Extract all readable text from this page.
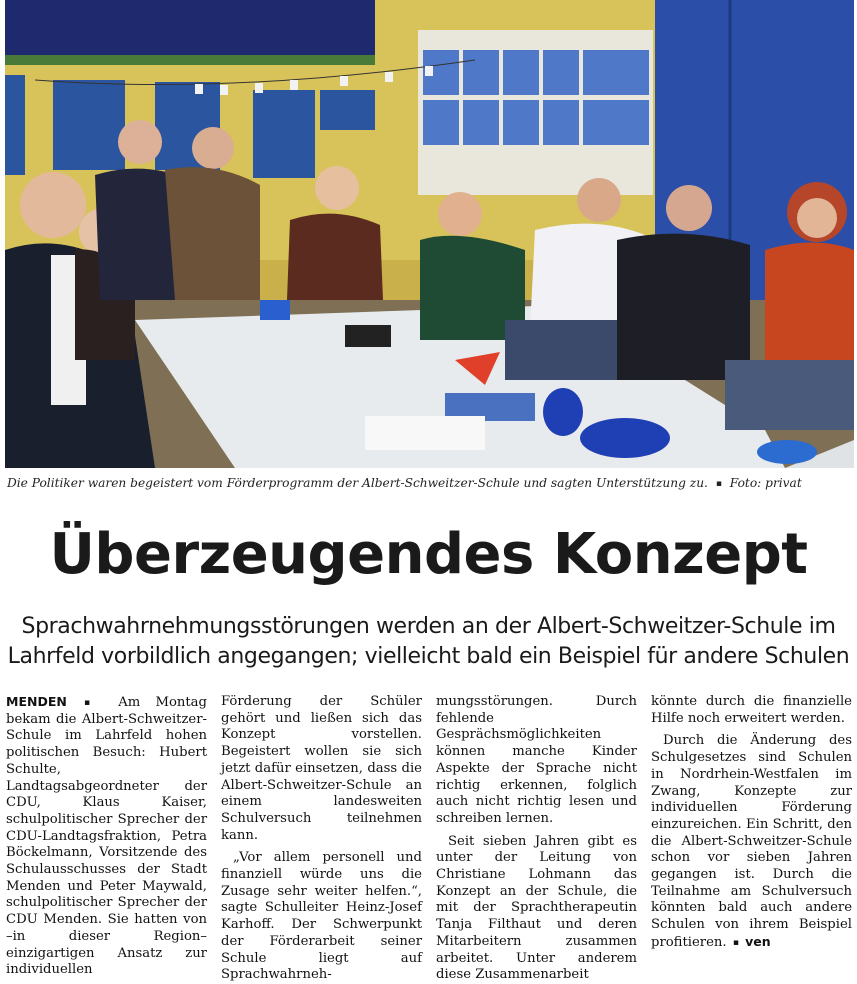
Die Politiker waren begeistert vom Förderprogramm der Albert-Schweitzer-Schule und sagten Unterstützung zu. ▪ Foto: privat
Überzeugendes Konzept
Sprachwahrnehmungsstörungen werden an der Albert-Schweitzer-Schule im
Lahrfeld vorbildlich angegangen; vielleicht bald ein Beispiel für andere Schulen

MENDEN ▪ Am Montag bekam die Albert-Schweitzer-Schule im Lahrfeld hohen politischen Besuch: Hubert Schulte, Landtagsabgeordneter der CDU, Klaus Kaiser, schulpolitischer Sprecher der CDU-Landtagsfraktion, Petra Böckelmann, Vorsitzende des Schulausschusses der Stadt Menden und Peter Maywald, schulpolitischer Sprecher der CDU Menden. Sie hatten von –in dieser Region– einzigartigen Ansatz zur individuellen

Förderung der Schüler gehört und ließen sich das Konzept vorstellen. Begeistert wollen sie sich jetzt dafür einsetzen, dass die Albert-Schweitzer-Schule an einem landesweiten Schulversuch teilnehmen kann.

„Vor allem personell und finanziell würde uns die Zusage sehr weiter helfen.“, sagte Schulleiter Heinz-Josef Karhoff. Der Schwerpunkt der Förderarbeit seiner Schule liegt auf Sprachwahrneh-

mungsstörungen. Durch fehlende Gesprächsmöglichkeiten können manche Kinder Aspekte der Sprache nicht richtig erkennen, folglich auch nicht richtig lesen und schreiben lernen.

Seit sieben Jahren gibt es unter der Leitung von Christiane Lohmann das Konzept an der Schule, die mit der Sprachtherapeutin Tanja Filthaut und deren Mitarbeitern zusammen arbeitet. Unter anderem diese Zusammenarbeit

könnte durch die finanzielle Hilfe noch erweitert werden.

Durch die Änderung des Schulgesetzes sind Schulen in Nordrhein-Westfalen im Zwang, Konzepte zur individuellen Förderung einzureichen. Ein Schritt, den die Albert-Schweitzer-Schule schon vor sieben Jahren gegangen ist. Durch die Teilnahme am Schulversuch könnten bald auch andere Schulen von ihrem Beispiel profitieren. ▪ ven
